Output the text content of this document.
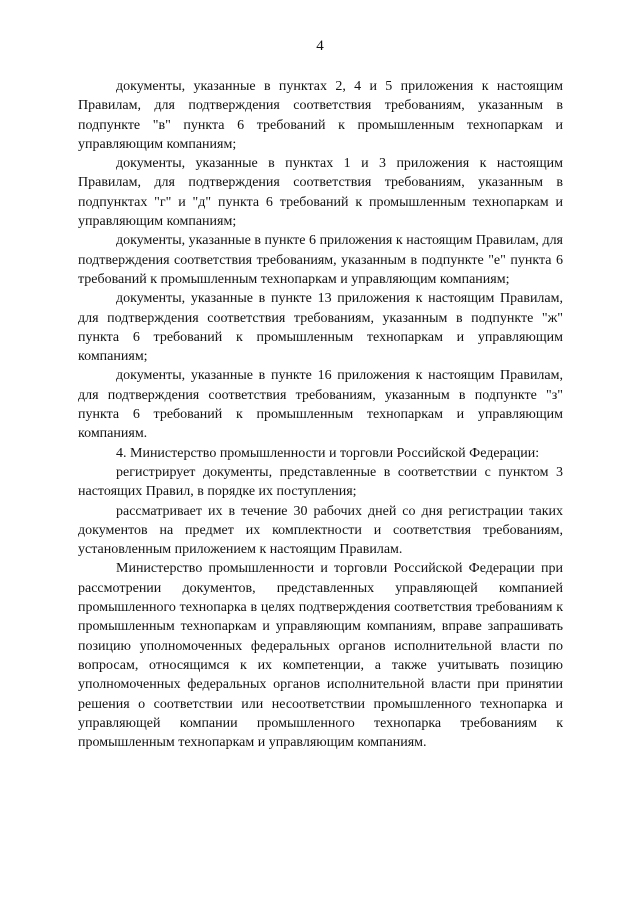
4

документы, указанные в пунктах 2, 4 и 5 приложения к настоящим Правилам, для подтверждения соответствия требованиям, указанным в подпункте "в" пункта 6 требований к промышленным технопаркам и управляющим компаниям;

документы, указанные в пунктах 1 и 3 приложения к настоящим Правилам, для подтверждения соответствия требованиям, указанным в подпунктах "г" и "д" пункта 6 требований к промышленным технопаркам и управляющим компаниям;

документы, указанные в пункте 6 приложения к настоящим Правилам, для подтверждения соответствия требованиям, указанным в подпункте "е" пункта 6 требований к промышленным технопаркам и управляющим компаниям;

документы, указанные в пункте 13 приложения к настоящим Правилам, для подтверждения соответствия требованиям, указанным в подпункте "ж" пункта 6 требований к промышленным технопаркам и управляющим компаниям;

документы, указанные в пункте 16 приложения к настоящим Правилам, для подтверждения соответствия требованиям, указанным в подпункте "з" пункта 6 требований к промышленным технопаркам и управляющим компаниям.

4. Министерство промышленности и торговли Российской Федерации:

регистрирует документы, представленные в соответствии с пунктом 3 настоящих Правил, в порядке их поступления;

рассматривает их в течение 30 рабочих дней со дня регистрации таких документов на предмет их комплектности и соответствия требованиям, установленным приложением к настоящим Правилам.

Министерство промышленности и торговли Российской Федерации при рассмотрении документов, представленных управляющей компанией промышленного технопарка в целях подтверждения соответствия требованиям к промышленным технопаркам и управляющим компаниям, вправе запрашивать позицию уполномоченных федеральных органов исполнительной власти по вопросам, относящимся к их компетенции, а также учитывать позицию уполномоченных федеральных органов исполнительной власти при принятии решения о соответствии или несоответствии промышленного технопарка и управляющей компании промышленного технопарка требованиям к промышленным технопаркам и управляющим компаниям.
